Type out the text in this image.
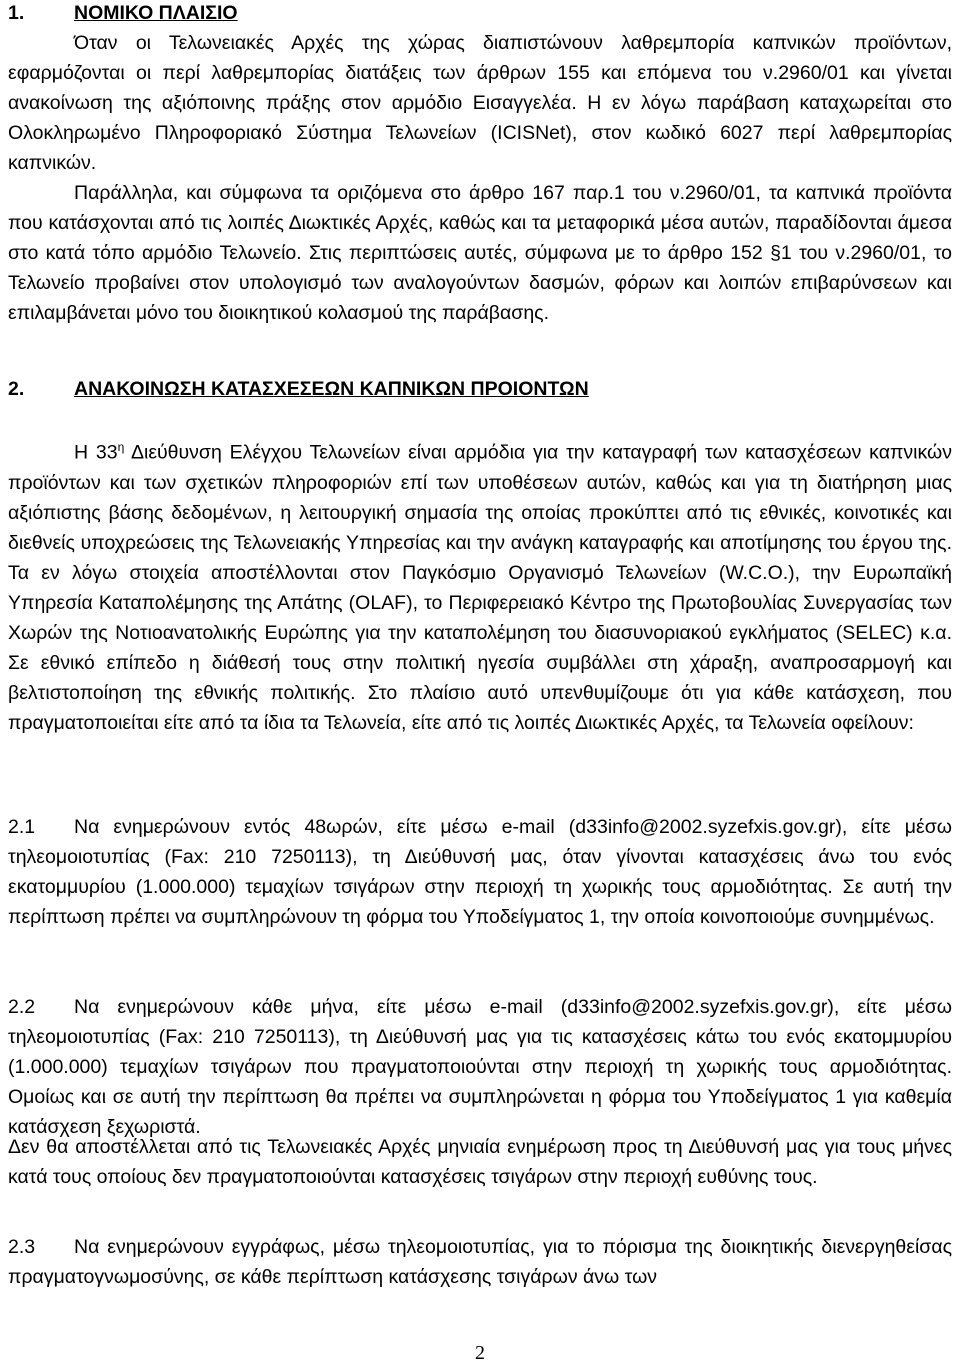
1.	ΝΟΜΙΚΟ ΠΛΑΙΣΙΟ

Όταν οι Τελωνειακές Αρχές της χώρας διαπιστώνουν λαθρεμπορία καπνικών προϊόντων, εφαρμόζονται οι περί λαθρεμπορίας διατάξεις των άρθρων 155 και επόμενα του ν.2960/01 και γίνεται ανακοίνωση της αξιόποινης πράξης στον αρμόδιο Εισαγγελέα. Η εν λόγω παράβαση καταχωρείται στο Ολοκληρωμένο Πληροφοριακό Σύστημα Τελωνείων (ICISNet), στον κωδικό 6027 περί λαθρεμπορίας καπνικών.

Παράλληλα, και σύμφωνα τα οριζόμενα στο άρθρο 167 παρ.1 του ν.2960/01, τα καπνικά προϊόντα που κατάσχονται από τις λοιπές Διωκτικές Αρχές, καθώς και τα μεταφορικά μέσα αυτών, παραδίδονται άμεσα στο κατά τόπο αρμόδιο Τελωνείο. Στις περιπτώσεις αυτές, σύμφωνα με το άρθρο 152 §1 του ν.2960/01, το Τελωνείο προβαίνει στον υπολογισμό των αναλογούντων δασμών, φόρων και λοιπών επιβαρύνσεων και επιλαμβάνεται μόνο του διοικητικού κολασμού της παράβασης.

2.	ΑΝΑΚΟΙΝΩΣΗ ΚΑΤΑΣΧΕΣΕΩΝ ΚΑΠΝΙΚΩΝ ΠΡΟΙΟΝΤΩΝ

Η $33^\eta$ Διεύθυνση Ελέγχου Τελωνείων είναι αρμόδια για την καταγραφή των κατασχέσεων καπνικών προϊόντων και των σχετικών πληροφοριών επί των υποθέσεων αυτών, καθώς και για τη διατήρηση μιας αξιόπιστης βάσης δεδομένων, η λειτουργική σημασία της οποίας προκύπτει από τις εθνικές, κοινοτικές και διεθνείς υποχρεώσεις της Τελωνειακής Υπηρεσίας και την ανάγκη καταγραφής και αποτίμησης του έργου της. Τα εν λόγω στοιχεία αποστέλλονται στον Παγκόσμιο Οργανισμό Τελωνείων (W.C.O.), την Ευρωπαϊκή Υπηρεσία Καταπολέμησης της Απάτης (OLAF), το Περιφερειακό Κέντρο της Πρωτοβουλίας Συνεργασίας των Χωρών της Νοτιοανατολικής Ευρώπης για την καταπολέμηση του διασυνοριακού εγκλήματος (SELEC) κ.α. Σε εθνικό επίπεδο η διάθεσή τους στην πολιτική ηγεσία συμβάλλει στη χάραξη, αναπροσαρμογή και βελτιστοποίηση της εθνικής πολιτικής. Στο πλαίσιο αυτό υπενθυμίζουμε ότι για κάθε κατάσχεση, που πραγματοποιείται είτε από τα ίδια τα Τελωνεία, είτε από τις λοιπές Διωκτικές Αρχές, τα Τελωνεία οφείλουν:

2.1 Να ενημερώνουν εντός 48ωρών, είτε μέσω e-mail (d33info@2002.syzefxis.gov.gr), είτε μέσω τηλεομοιοτυπίας (Fax: 210 7250113), τη Διεύθυνσή μας, όταν γίνονται κατασχέσεις άνω του ενός εκατομμυρίου (1.000.000) τεμαχίων τσιγάρων στην περιοχή τη χωρικής τους αρμοδιότητας. Σε αυτή την περίπτωση πρέπει να συμπληρώνουν τη φόρμα του Υποδείγματος 1, την οποία κοινοποιούμε συνημμένως.

2.2 Να ενημερώνουν κάθε μήνα, είτε μέσω e-mail (d33info@2002.syzefxis.gov.gr), είτε μέσω τηλεομοιοτυπίας (Fax: 210 7250113), τη Διεύθυνσή μας για τις κατασχέσεις κάτω του ενός εκατομμυρίου (1.000.000) τεμαχίων τσιγάρων που πραγματοποιούνται στην περιοχή τη χωρικής τους αρμοδιότητας. Ομοίως και σε αυτή την περίπτωση θα πρέπει να συμπληρώνεται η φόρμα του Υποδείγματος 1 για καθεμία κατάσχεση ξεχωριστά.

Δεν θα αποστέλλεται από τις Τελωνειακές Αρχές μηνιαία ενημέρωση προς τη Διεύθυνσή μας για τους μήνες κατά τους οποίους δεν πραγματοποιούνται κατασχέσεις τσιγάρων στην περιοχή ευθύνης τους.

2.3 Να ενημερώνουν εγγράφως, μέσω τηλεομοιοτυπίας, για το πόρισμα της διοικητικής διενεργηθείσας πραγματογνωμοσύνης, σε κάθε περίπτωση κατάσχεσης τσιγάρων άνω των

2
